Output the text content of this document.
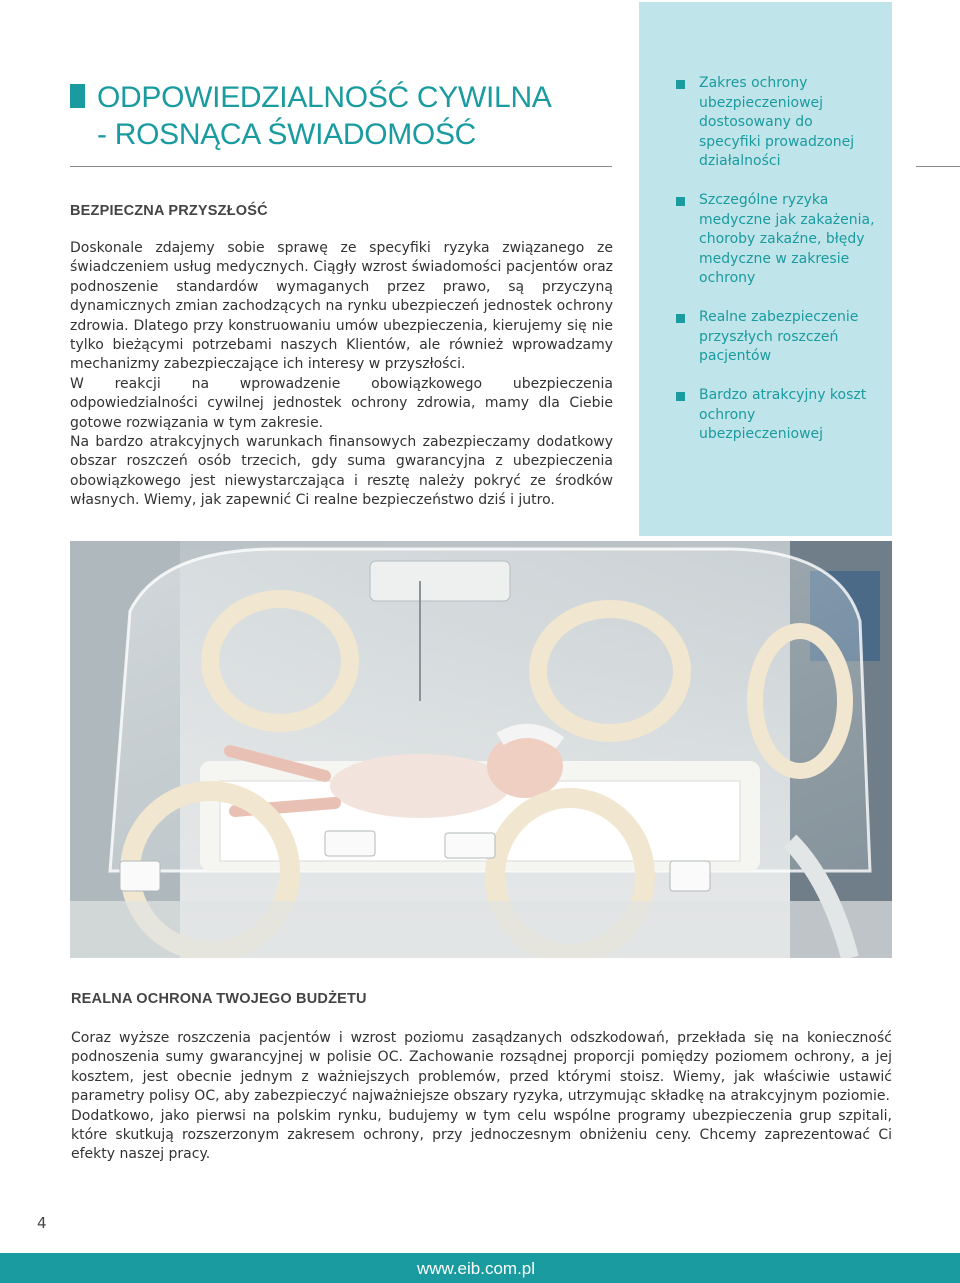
ODPOWIEDZIALNOŚĆ CYWILNA
- ROSNĄCA ŚWIADOMOŚĆ
BEZPIECZNA PRZYSZŁOŚĆ

Doskonale zdajemy sobie sprawę ze specyfiki ryzyka związanego ze świadczeniem usług medycznych. Ciągły wzrost świadomości pacjentów oraz podnoszenie standardów wymaganych przez prawo, są przyczyną dynamicznych zmian zachodzących na rynku ubezpieczeń jednostek ochrony zdrowia. Dlatego przy konstruowaniu umów ubezpieczenia, kierujemy się nie tylko bieżącymi potrzebami naszych Klientów, ale również wprowadzamy mechanizmy zabezpieczające ich interesy w przyszłości.

W reakcji na wprowadzenie obowiązkowego ubezpieczenia odpowiedzialności cywilnej jednostek ochrony zdrowia, mamy dla Ciebie gotowe rozwiązania w tym zakresie.

Na bardzo atrakcyjnych warunkach finansowych zabezpieczamy dodatkowy obszar roszczeń osób trzecich, gdy suma gwarancyjna z ubezpieczenia obowiązkowego jest niewystarczająca i resztę należy pokryć ze środków własnych. Wiemy, jak zapewnić Ci realne bezpieczeństwo dziś i jutro.

Zakres ochrony ubezpieczeniowej dostosowany do specyfiki prowadzonej działalności
Szczególne ryzyka medyczne jak zakażenia, choroby zakaźne, błędy medyczne w zakresie ochrony
Realne zabezpieczenie przyszłych roszczeń pacjentów
Bardzo atrakcyjny koszt ochrony ubezpieczeniowej
REALNA OCHRONA TWOJEGO BUDŻETU

Coraz wyższe roszczenia pacjentów i wzrost poziomu zasądzanych odszkodowań, przekłada się na konieczność podnoszenia sumy gwarancyjnej w polisie OC. Zachowanie rozsądnej proporcji pomiędzy poziomem ochrony, a jej kosztem, jest obecnie jednym z ważniejszych problemów, przed którymi stoisz. Wiemy, jak właściwie ustawić parametry polisy OC, aby zabezpieczyć najważniejsze obszary ryzyka, utrzymując składkę na atrakcyjnym poziomie.

Dodatkowo, jako pierwsi na polskim rynku, budujemy w tym celu wspólne programy ubezpieczenia grup szpitali, które skutkują rozszerzonym zakresem ochrony, przy jednoczesnym obniżeniu ceny. Chcemy zaprezentować Ci efekty naszej pracy.

4
www.eib.com.pl
